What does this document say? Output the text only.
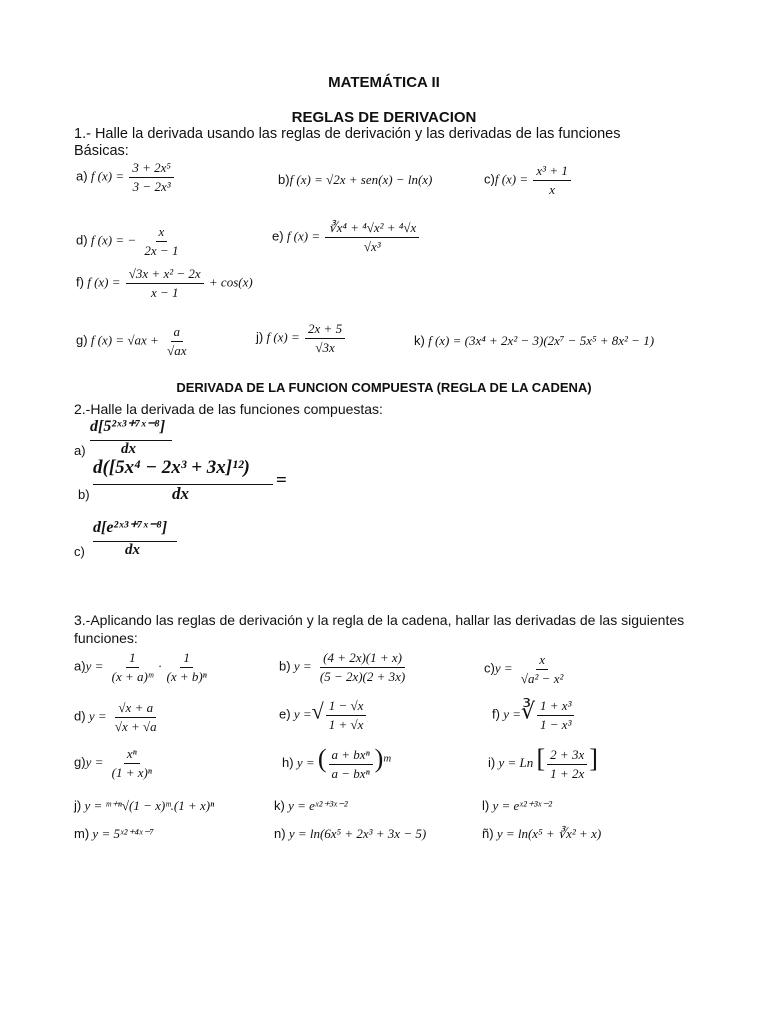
MATEMÁTICA II
REGLAS DE DERIVACION
1.- Halle la derivada usando las reglas de derivación y las derivadas de las funciones
Básicas:
a) f $(x) = \frac{\text{3 + 2x⁵}}{\text{3 − 2x³}}$	b)f (x) = √2x + sen(x) − ln(x)	c)f $(x) = \frac{\text{x³ + 1}}{x}$
d) f (x) = − $\frac{x}{2x - 1}$	e) f $(x) = \frac{\text{∛x⁴ + ⁴√x² + ⁴√x}}{\text{√x³}}$
f) f $(x) = \frac{\text{√3x + x² − 2x}}{x - 1} + \cos(x)$
g) f $(x) = √ax + \frac{a}{√ax}$	j) f $(x) = \frac{2x + 5}{√3x}$	k) f (x) = (3x⁴ + 2x² − 3)(2x⁷ − 5x⁵ + 8x² − 1)
DERIVADA DE LA FUNCION COMPUESTA (REGLA DE LA CADENA)
2.-Halle la derivada de las funciones compuestas:
a)
d[5²ˣ³⁺⁷ˣ⁻⁸]
dx
b)
d([5x⁴ − 2x³ + 3x]¹²)
dx
=
c)
d[e²ˣ³⁺⁷ˣ⁻⁸]
dx
3.-Aplicando las reglas de derivación y la regla de la cadena, hallar las derivadas de las siguientes
funciones:
$a)y = \frac{1}{\text{(x + a)ᵐ}} \cdot \frac{1}{\text{(x + b)ⁿ}}$	b) $y = \frac{(4 + 2x)(1 + x)}{(5 - 2x)(2 + 3x)}$	$c)y = \frac{x}{\text{√a² − x²}}$
d) $y = \frac{√x + a}{√x + √a}$	e) y =√ $\frac{1 - √x}{1 + √x}$	f) y =∛ $\frac{\text{1 + x³}}{\text{1 − x³}}$
$g)y = \frac{\text{xⁿ}}{\text{(1 + x)ⁿ}}$	h) y = ( $\frac{\text{a + bxⁿ}}{\text{a − bxⁿ}} )^m$	i) y = Ln [ $\frac{2 + 3x}{1 + 2x}$ ]
j) y = ᵐ⁺ⁿ√(1 − x)ᵐ.(1 + x)ⁿ	k) y = eˣ²⁺³ˣ⁻²	l) y = eˣ²⁺³ˣ⁻²
m) y = 5ˣ²⁺⁴ˣ⁻⁷	n) y = ln(6x⁵ + 2x³ + 3x − 5)	ñ) y = ln(x⁵ + ∛x² + x)
